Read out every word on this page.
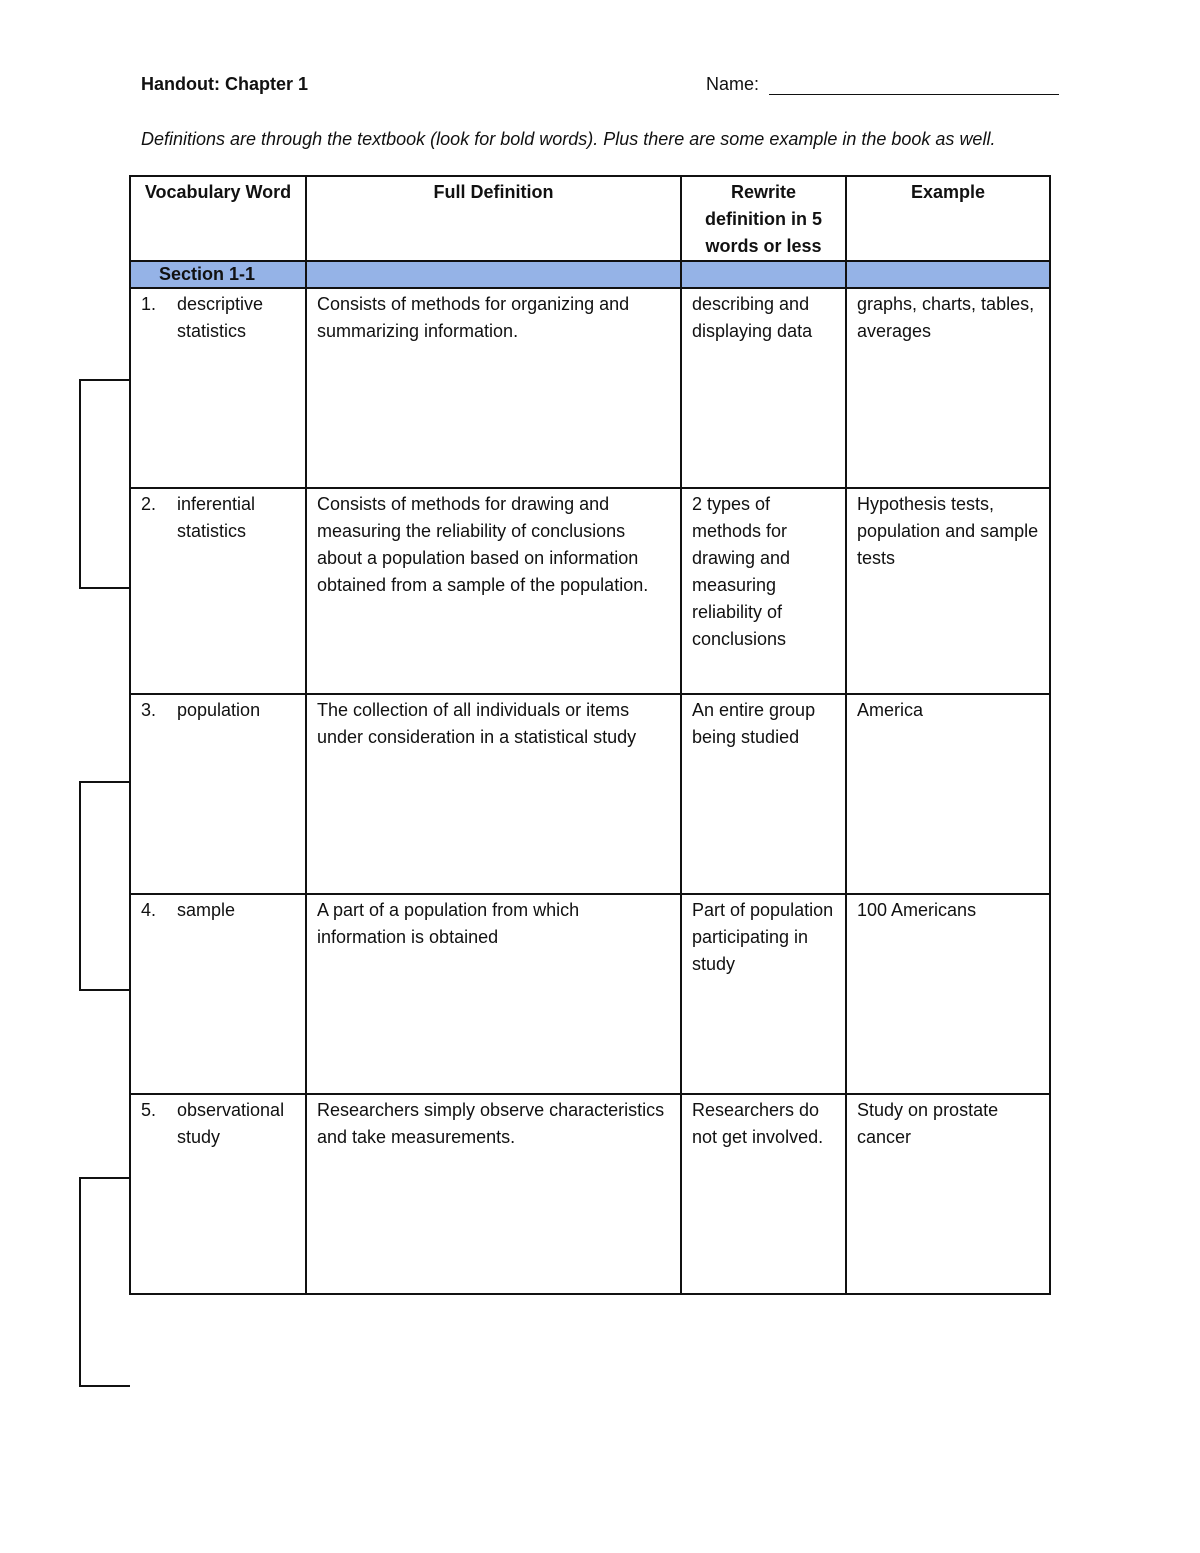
Handout: Chapter 1	Name:
Definitions are through the textbook (look for bold words). Plus there are some example in the book as well.
Vocabulary Word	Full Definition	Rewrite definition in 5 words or less	Example
Section 1-1			

1. descriptive statistics	Consists of methods for organizing and summarizing information.	describing and displaying data	graphs, charts, tables, averages

2. inferential statistics	Consists of methods for drawing and measuring the reliability of conclusions about a population based on information obtained from a sample of the population.	2 types of methods for drawing and measuring reliability of conclusions	Hypothesis tests, population and sample tests

3. population	The collection of all individuals or items under consideration in a statistical study	An entire group being studied	America

4. sample	A part of a population from which information is obtained	Part of population participating in study	100 Americans

5. observational study	Researchers simply observe characteristics and take measurements.	Researchers do not get involved.	Study on prostate cancer
